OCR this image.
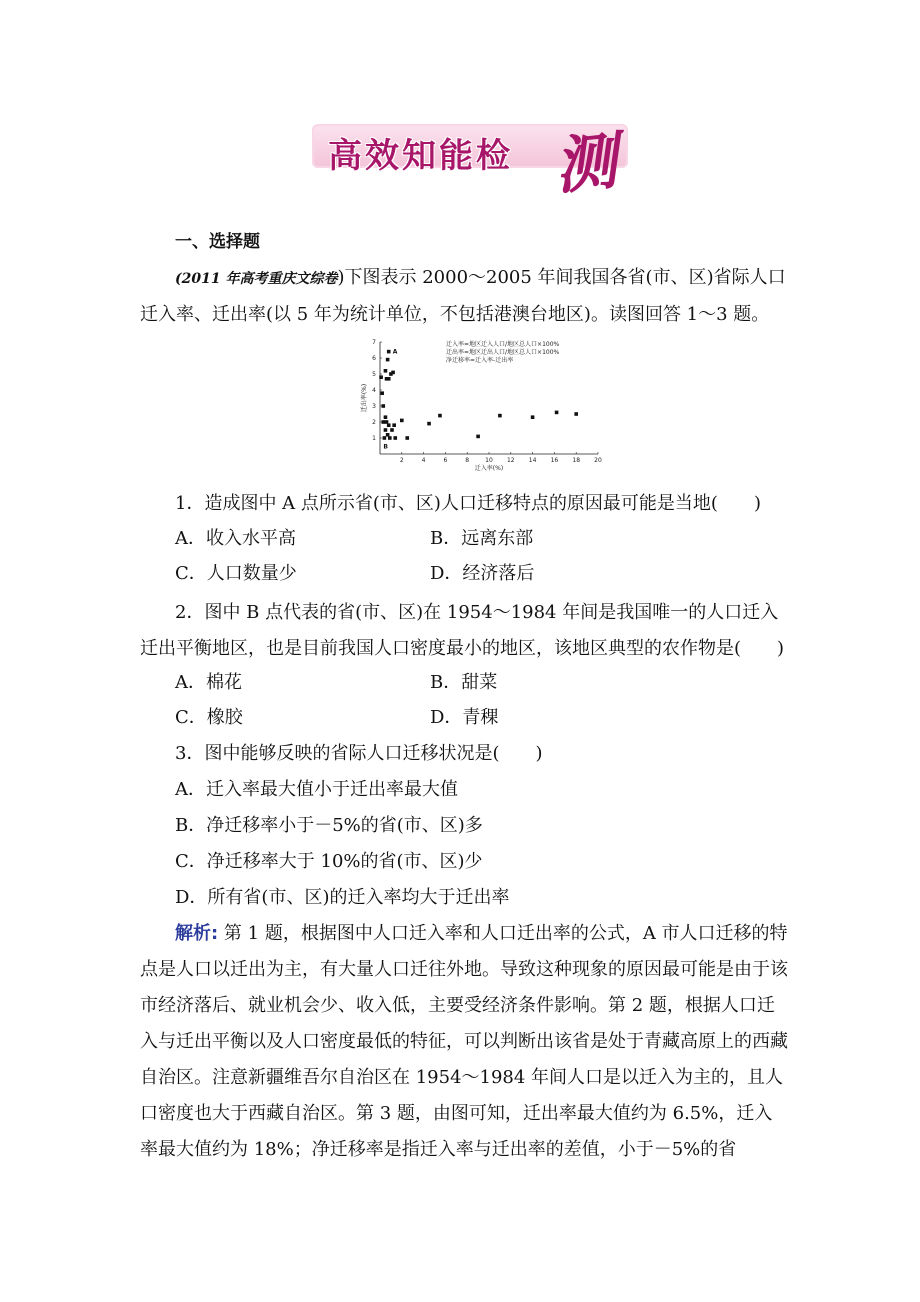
高效知能检 测

一、选择题

(2011 年高考重庆文综卷)下图表示 2000～2005 年间我国各省(市、区)省际人口迁入率、迁出率(以 5 年为统计单位，不包括港澳台地区)。读图回答 1～3 题。

2	4	6	8	10 12 14 16 18 20
1
2
3
4
5
6
7
迁入率(%)
迁出率(%)
迁入率=地区迁入人口/地区总人口×100%
迁出率=地区迁出人口/地区总人口×100%
净迁移率=迁入率-迁出率
A
B

1．造成图中 A 点所示省(市、区)人口迁移特点的原因最可能是当地(　　)

A．收入水平高	B．远离东部

C．人口数量少	D．经济落后

2．图中 B 点代表的省(市、区)在 1954～1984 年间是我国唯一的人口迁入迁出平衡地区，也是目前我国人口密度最小的地区，该地区典型的农作物是(　　)

A．棉花	B．甜菜

C．橡胶	D．青稞

3．图中能够反映的省际人口迁移状况是(　　)

A．迁入率最大值小于迁出率最大值

B．净迁移率小于－5%的省(市、区)多

C．净迁移率大于 10%的省(市、区)少

D．所有省(市、区)的迁入率均大于迁出率

解析: 第 1 题，根据图中人口迁入率和人口迁出率的公式，A 市人口迁移的特点是人口以迁出为主，有大量人口迁往外地。导致这种现象的原因最可能是由于该市经济落后、就业机会少、收入低，主要受经济条件影响。第 2 题，根据人口迁入与迁出平衡以及人口密度最低的特征，可以判断出该省是处于青藏高原上的西藏自治区。注意新疆维吾尔自治区在 1954～1984 年间人口是以迁入为主的，且人口密度也大于西藏自治区。第 3 题，由图可知，迁出率最大值约为 6.5%，迁入率最大值约为 18%；净迁移率是指迁入率与迁出率的差值，小于－5%的省
